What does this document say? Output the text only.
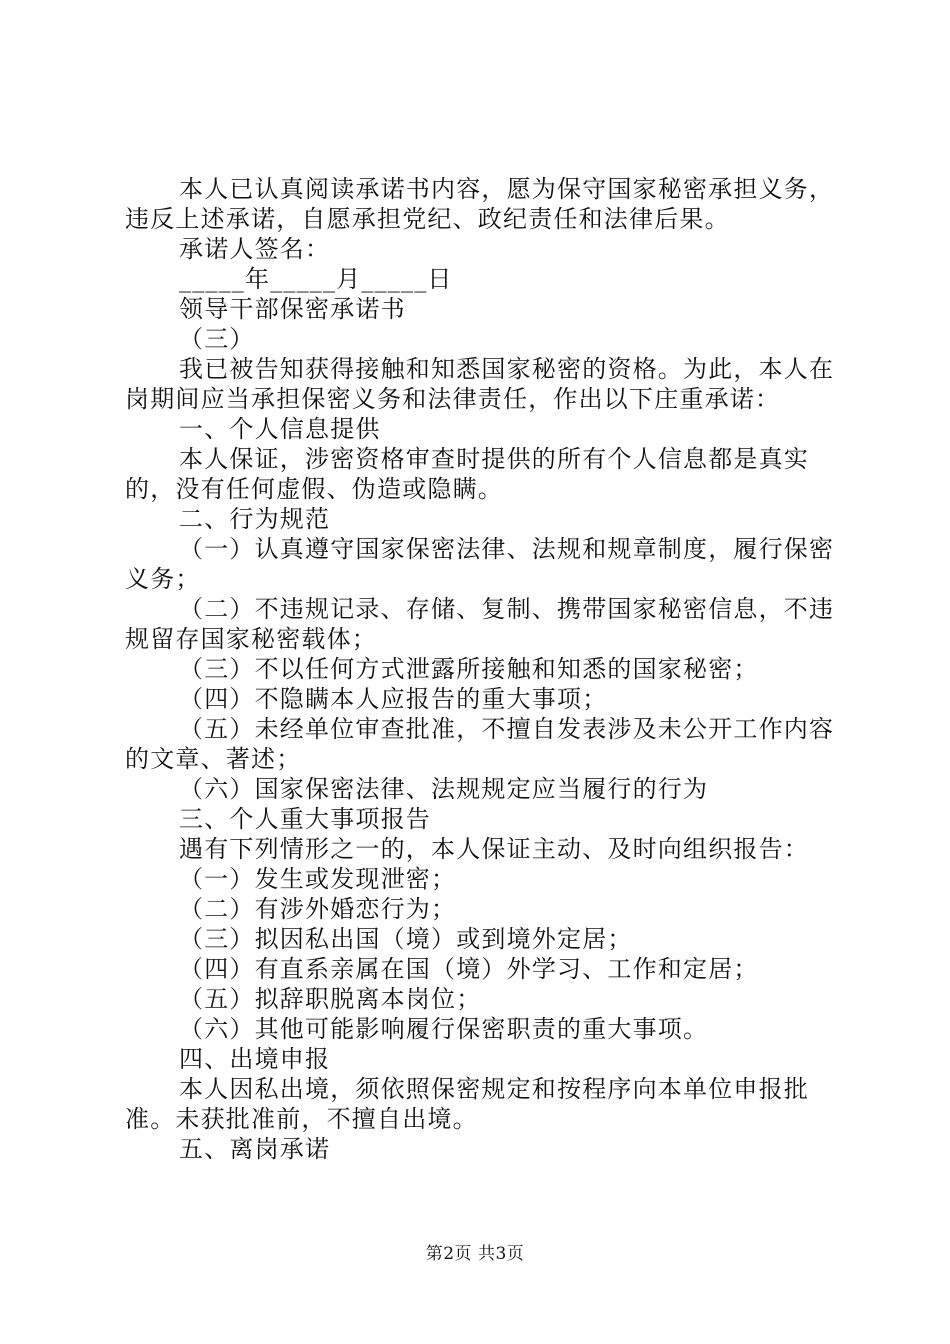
本人已认真阅读承诺书内容，愿为保守国家秘密承担义务，违反上述承诺，自愿承担党纪、政纪责任和法律后果。

承诺人签名：

_____年_____月_____日

领导干部保密承诺书

（三）

我已被告知获得接触和知悉国家秘密的资格。为此，本人在岗期间应当承担保密义务和法律责任，作出以下庄重承诺：

一、个人信息提供

本人保证，涉密资格审查时提供的所有个人信息都是真实的，没有任何虚假、伪造或隐瞒。

二、行为规范

（一）认真遵守国家保密法律、法规和规章制度，履行保密义务；

（二）不违规记录、存储、复制、携带国家秘密信息，不违规留存国家秘密载体；

（三）不以任何方式泄露所接触和知悉的国家秘密；

（四）不隐瞒本人应报告的重大事项；

（五）未经单位审查批准，不擅自发表涉及未公开工作内容的文章、著述；

（六）国家保密法律、法规规定应当履行的行为

三、个人重大事项报告

遇有下列情形之一的，本人保证主动、及时向组织报告：

（一）发生或发现泄密；

（二）有涉外婚恋行为；

（三）拟因私出国（境）或到境外定居；

（四）有直系亲属在国（境）外学习、工作和定居；

（五）拟辞职脱离本岗位；

（六）其他可能影响履行保密职责的重大事项。

四、出境申报

本人因私出境，须依照保密规定和按程序向本单位申报批准。未获批准前，不擅自出境。

五、离岗承诺

第2页 共3页
